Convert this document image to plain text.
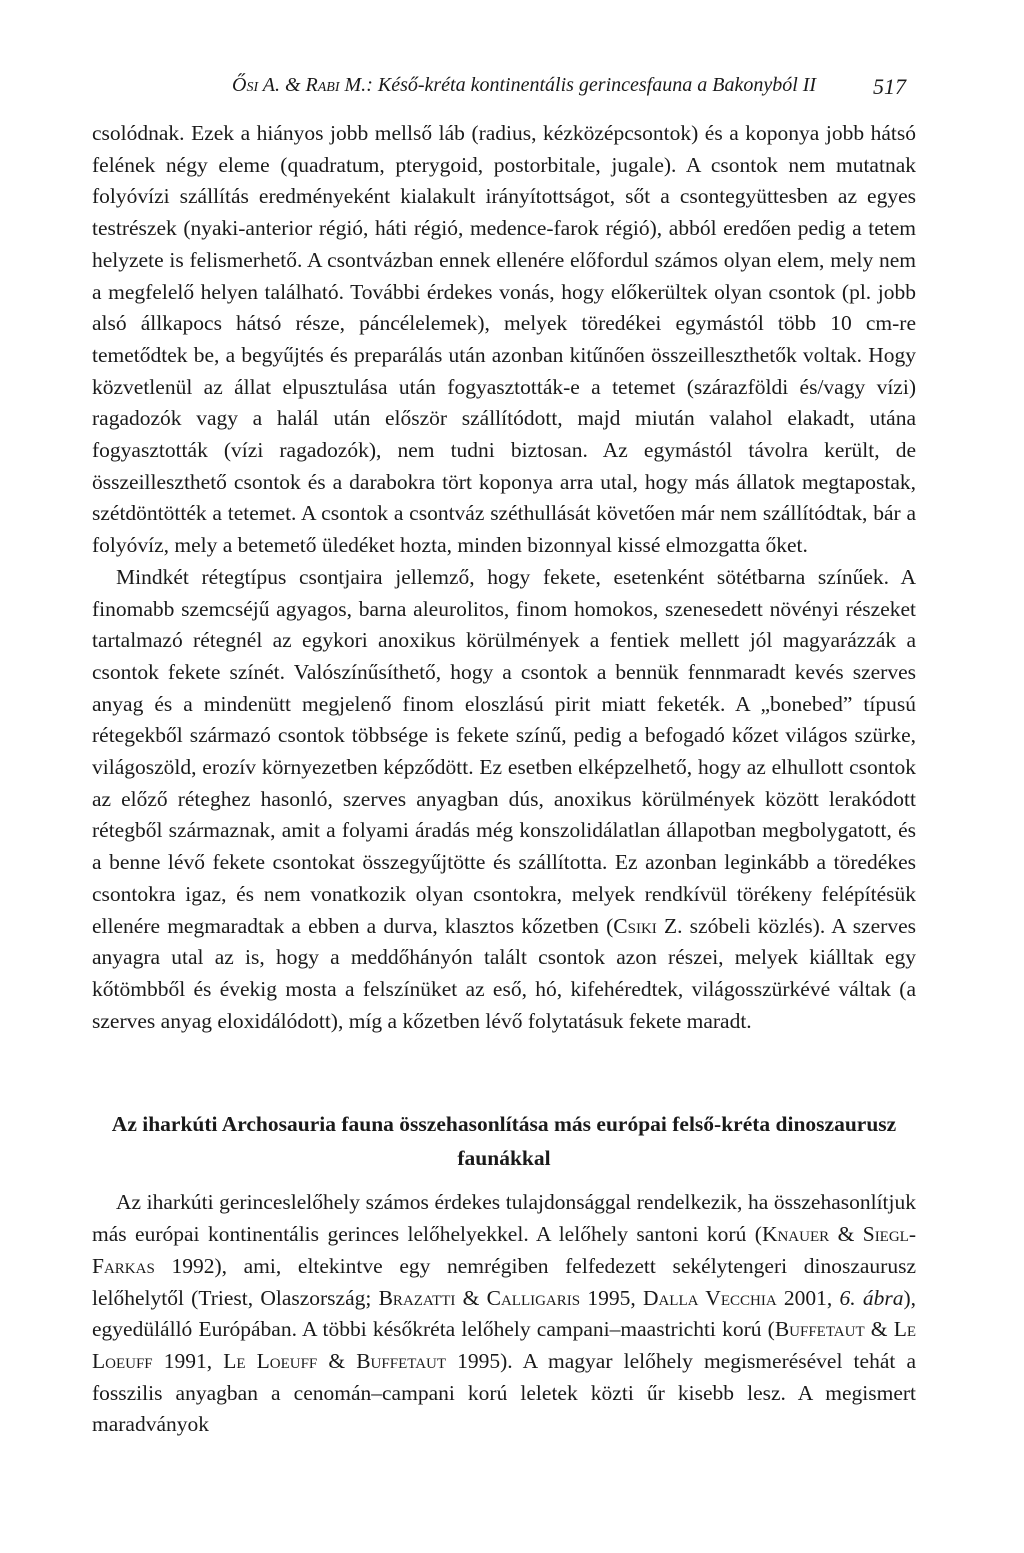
Ősi A. & Rabi M.: Késő-kréta kontinentális gerincesfauna a Bakonyból II	517

csolódnak. Ezek a hiányos jobb mellső láb (radius, kézközépcsontok) és a koponya jobb hátsó felének négy eleme (quadratum, pterygoid, postorbitale, jugale). A csontok nem mutatnak folyóvízi szállítás eredményeként kialakult irányítottságot, sőt a csontegyüttesben az egyes testrészek (nyaki-anterior régió, háti régió, medence-farok régió), abból eredően pedig a tetem helyzete is felismerhető. A csontvázban ennek ellenére előfordul számos olyan elem, mely nem a megfelelő helyen található. További érdekes vonás, hogy előkerültek olyan csontok (pl. jobb alsó állkapocs hátsó része, páncélelemek), melyek töredékei egymástól több 10 cm-re temetődtek be, a begyűjtés és preparálás után azonban kitűnően összeilleszthetők voltak. Hogy közvetlenül az állat elpusztulása után fogyasztották-e a tetemet (szárazföldi és/vagy vízi) ragadozók vagy a halál után először szállítódott, majd miután valahol elakadt, utána fogyasztották (vízi ragadozók), nem tudni biztosan. Az egymástól távolra került, de összeilleszthető csontok és a darabokra tört koponya arra utal, hogy más állatok megtapostak, szétdöntötték a tetemet. A csontok a csontváz széthullását követően már nem szállítódtak, bár a folyóvíz, mely a betemető üledéket hozta, minden bizonnyal kissé elmozgatta őket.

Mindkét rétegtípus csontjaira jellemző, hogy fekete, esetenként sötétbarna színűek. A finomabb szemcséjű agyagos, barna aleurolitos, finom homokos, szenesedett növényi részeket tartalmazó rétegnél az egykori anoxikus körülmények a fentiek mellett jól magyarázzák a csontok fekete színét. Valószínűsíthető, hogy a csontok a bennük fennmaradt kevés szerves anyag és a mindenütt megjelenő finom eloszlású pirit miatt feketék. A „bonebed” típusú rétegekből származó csontok többsége is fekete színű, pedig a befogadó kőzet világos szürke, világoszöld, erozív környezetben képződött. Ez esetben elképzelhető, hogy az elhullott csontok az előző réteghez hasonló, szerves anyagban dús, anoxikus körülmények között lerakódott rétegből származnak, amit a folyami áradás még konszolidálatlan állapotban megbolygatott, és a benne lévő fekete csontokat összegyűjtötte és szállította. Ez azonban leginkább a töredékes csontokra igaz, és nem vonatkozik olyan csontokra, melyek rendkívül törékeny felépítésük ellenére megmaradtak a ebben a durva, klasztos kőzetben (Csiki Z. szóbeli közlés). A szerves anyagra utal az is, hogy a meddőhányón talált csontok azon részei, melyek kiálltak egy kőtömbből és évekig mosta a felszínüket az eső, hó, kifehéredtek, világosszürkévé váltak (a szerves anyag eloxidálódott), míg a kőzetben lévő folytatásuk fekete maradt.

Az iharkúti Archosauria fauna összehasonlítása más európai felső-kréta dinoszaurusz faunákkal

Az iharkúti gerinceslelőhely számos érdekes tulajdonsággal rendelkezik, ha összehasonlítjuk más európai kontinentális gerinces lelőhelyekkel. A lelőhely santoni korú (Knauer & Siegl-Farkas 1992), ami, eltekintve egy nemrégiben felfedezett sekélytengeri dinoszaurusz lelőhelytől (Triest, Olaszország; Brazatti & Calligaris 1995, Dalla Vecchia 2001, 6. ábra), egyedülálló Európában. A többi későkréta lelőhely campani–maastrichti korú (Buffetaut & Le Loeuff 1991, Le Loeuff & Buffetaut 1995). A magyar lelőhely megismerésével tehát a fosszilis anyagban a cenomán–campani korú leletek közti űr kisebb lesz. A megismert maradványok
